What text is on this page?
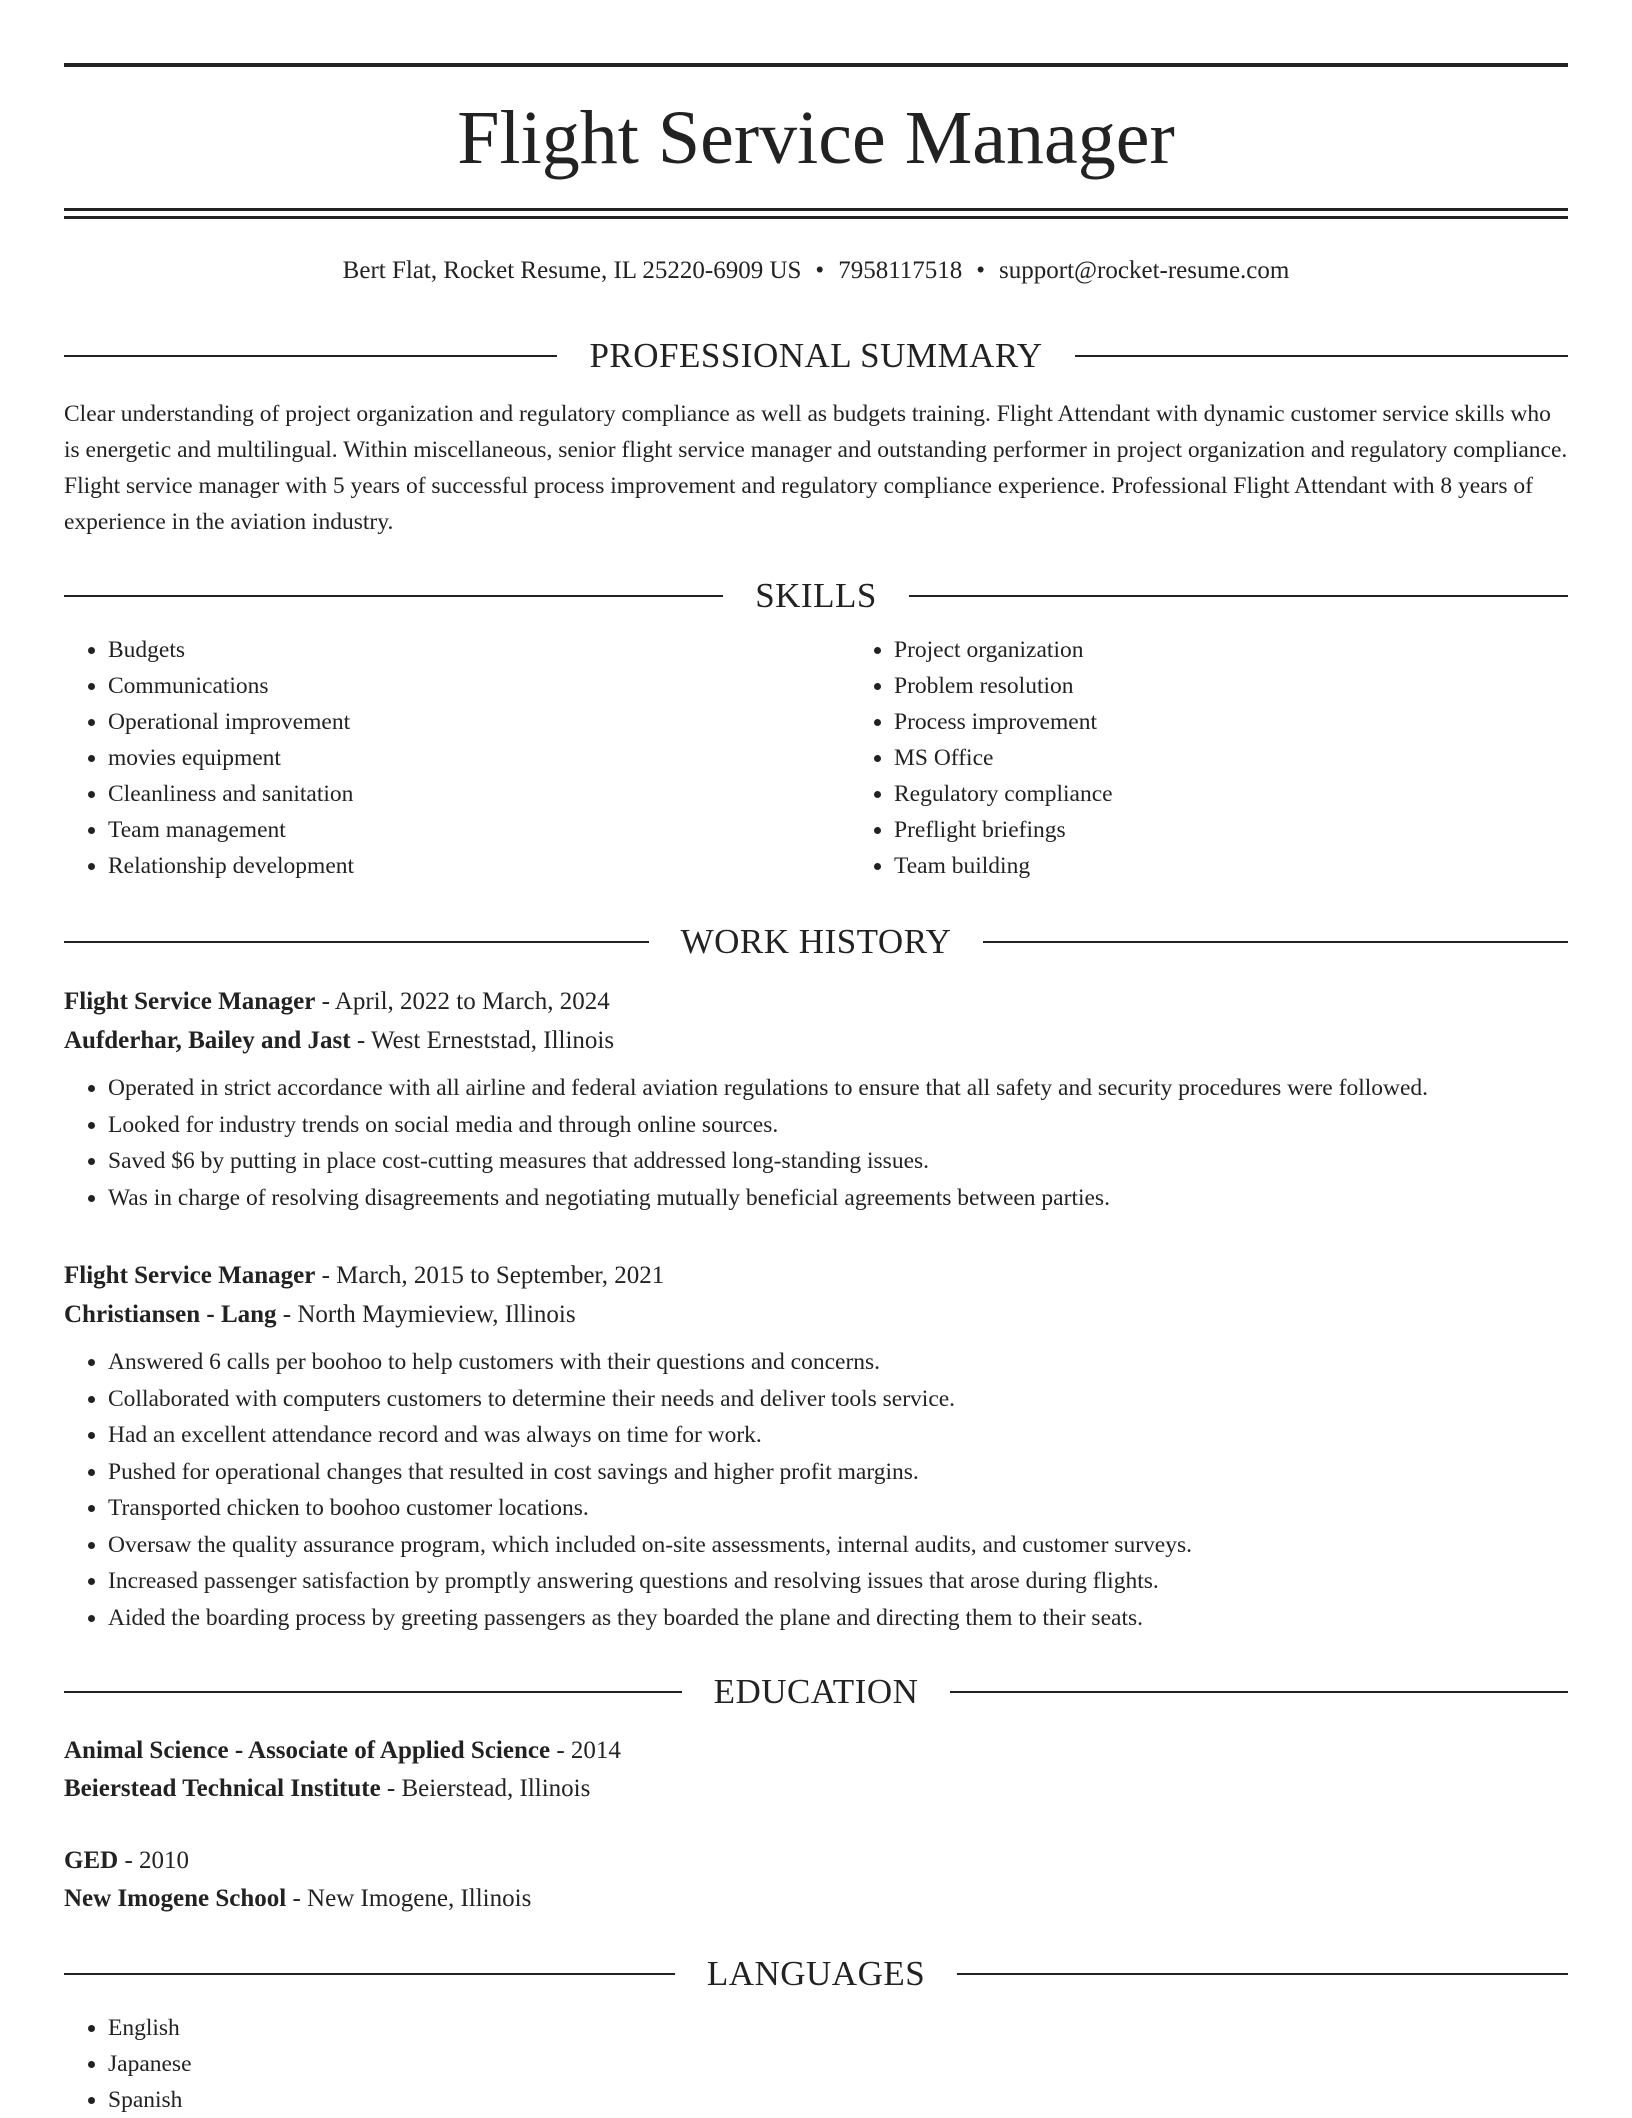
Flight Service Manager
Bert Flat, Rocket Resume, IL 25220-6909 US • 7958117518 • support@rocket-resume.com
PROFESSIONAL SUMMARY

Clear understanding of project organization and regulatory compliance as well as budgets training. Flight Attendant with dynamic customer service skills who is energetic and multilingual. Within miscellaneous, senior flight service manager and outstanding performer in project organization and regulatory compliance. Flight service manager with 5 years of successful process improvement and regulatory compliance experience. Professional Flight Attendant with 8 years of experience in the aviation industry.

SKILLS
• Budgets
• Communications
• Operational improvement
• movies equipment
• Cleanliness and sanitation
• Team management
• Relationship development
• Project organization
• Problem resolution
• Process improvement
• MS Office
• Regulatory compliance
• Preflight briefings
• Team building
WORK HISTORY
Flight Service Manager - April, 2022 to March, 2024
Aufderhar, Bailey and Jast - West Erneststad, Illinois
• Operated in strict accordance with all airline and federal aviation regulations to ensure that all safety and security procedures were followed.
• Looked for industry trends on social media and through online sources.
• Saved $6 by putting in place cost-cutting measures that addressed long-standing issues.
• Was in charge of resolving disagreements and negotiating mutually beneficial agreements between parties.
Flight Service Manager - March, 2015 to September, 2021
Christiansen - Lang - North Maymieview, Illinois
• Answered 6 calls per boohoo to help customers with their questions and concerns.
• Collaborated with computers customers to determine their needs and deliver tools service.
• Had an excellent attendance record and was always on time for work.
• Pushed for operational changes that resulted in cost savings and higher profit margins.
• Transported chicken to boohoo customer locations.
• Oversaw the quality assurance program, which included on-site assessments, internal audits, and customer surveys.
• Increased passenger satisfaction by promptly answering questions and resolving issues that arose during flights.
• Aided the boarding process by greeting passengers as they boarded the plane and directing them to their seats.
EDUCATION
Animal Science - Associate of Applied Science - 2014
Beierstead Technical Institute - Beierstead, Illinois
GED - 2010
New Imogene School - New Imogene, Illinois
LANGUAGES
• English
• Japanese
• Spanish
